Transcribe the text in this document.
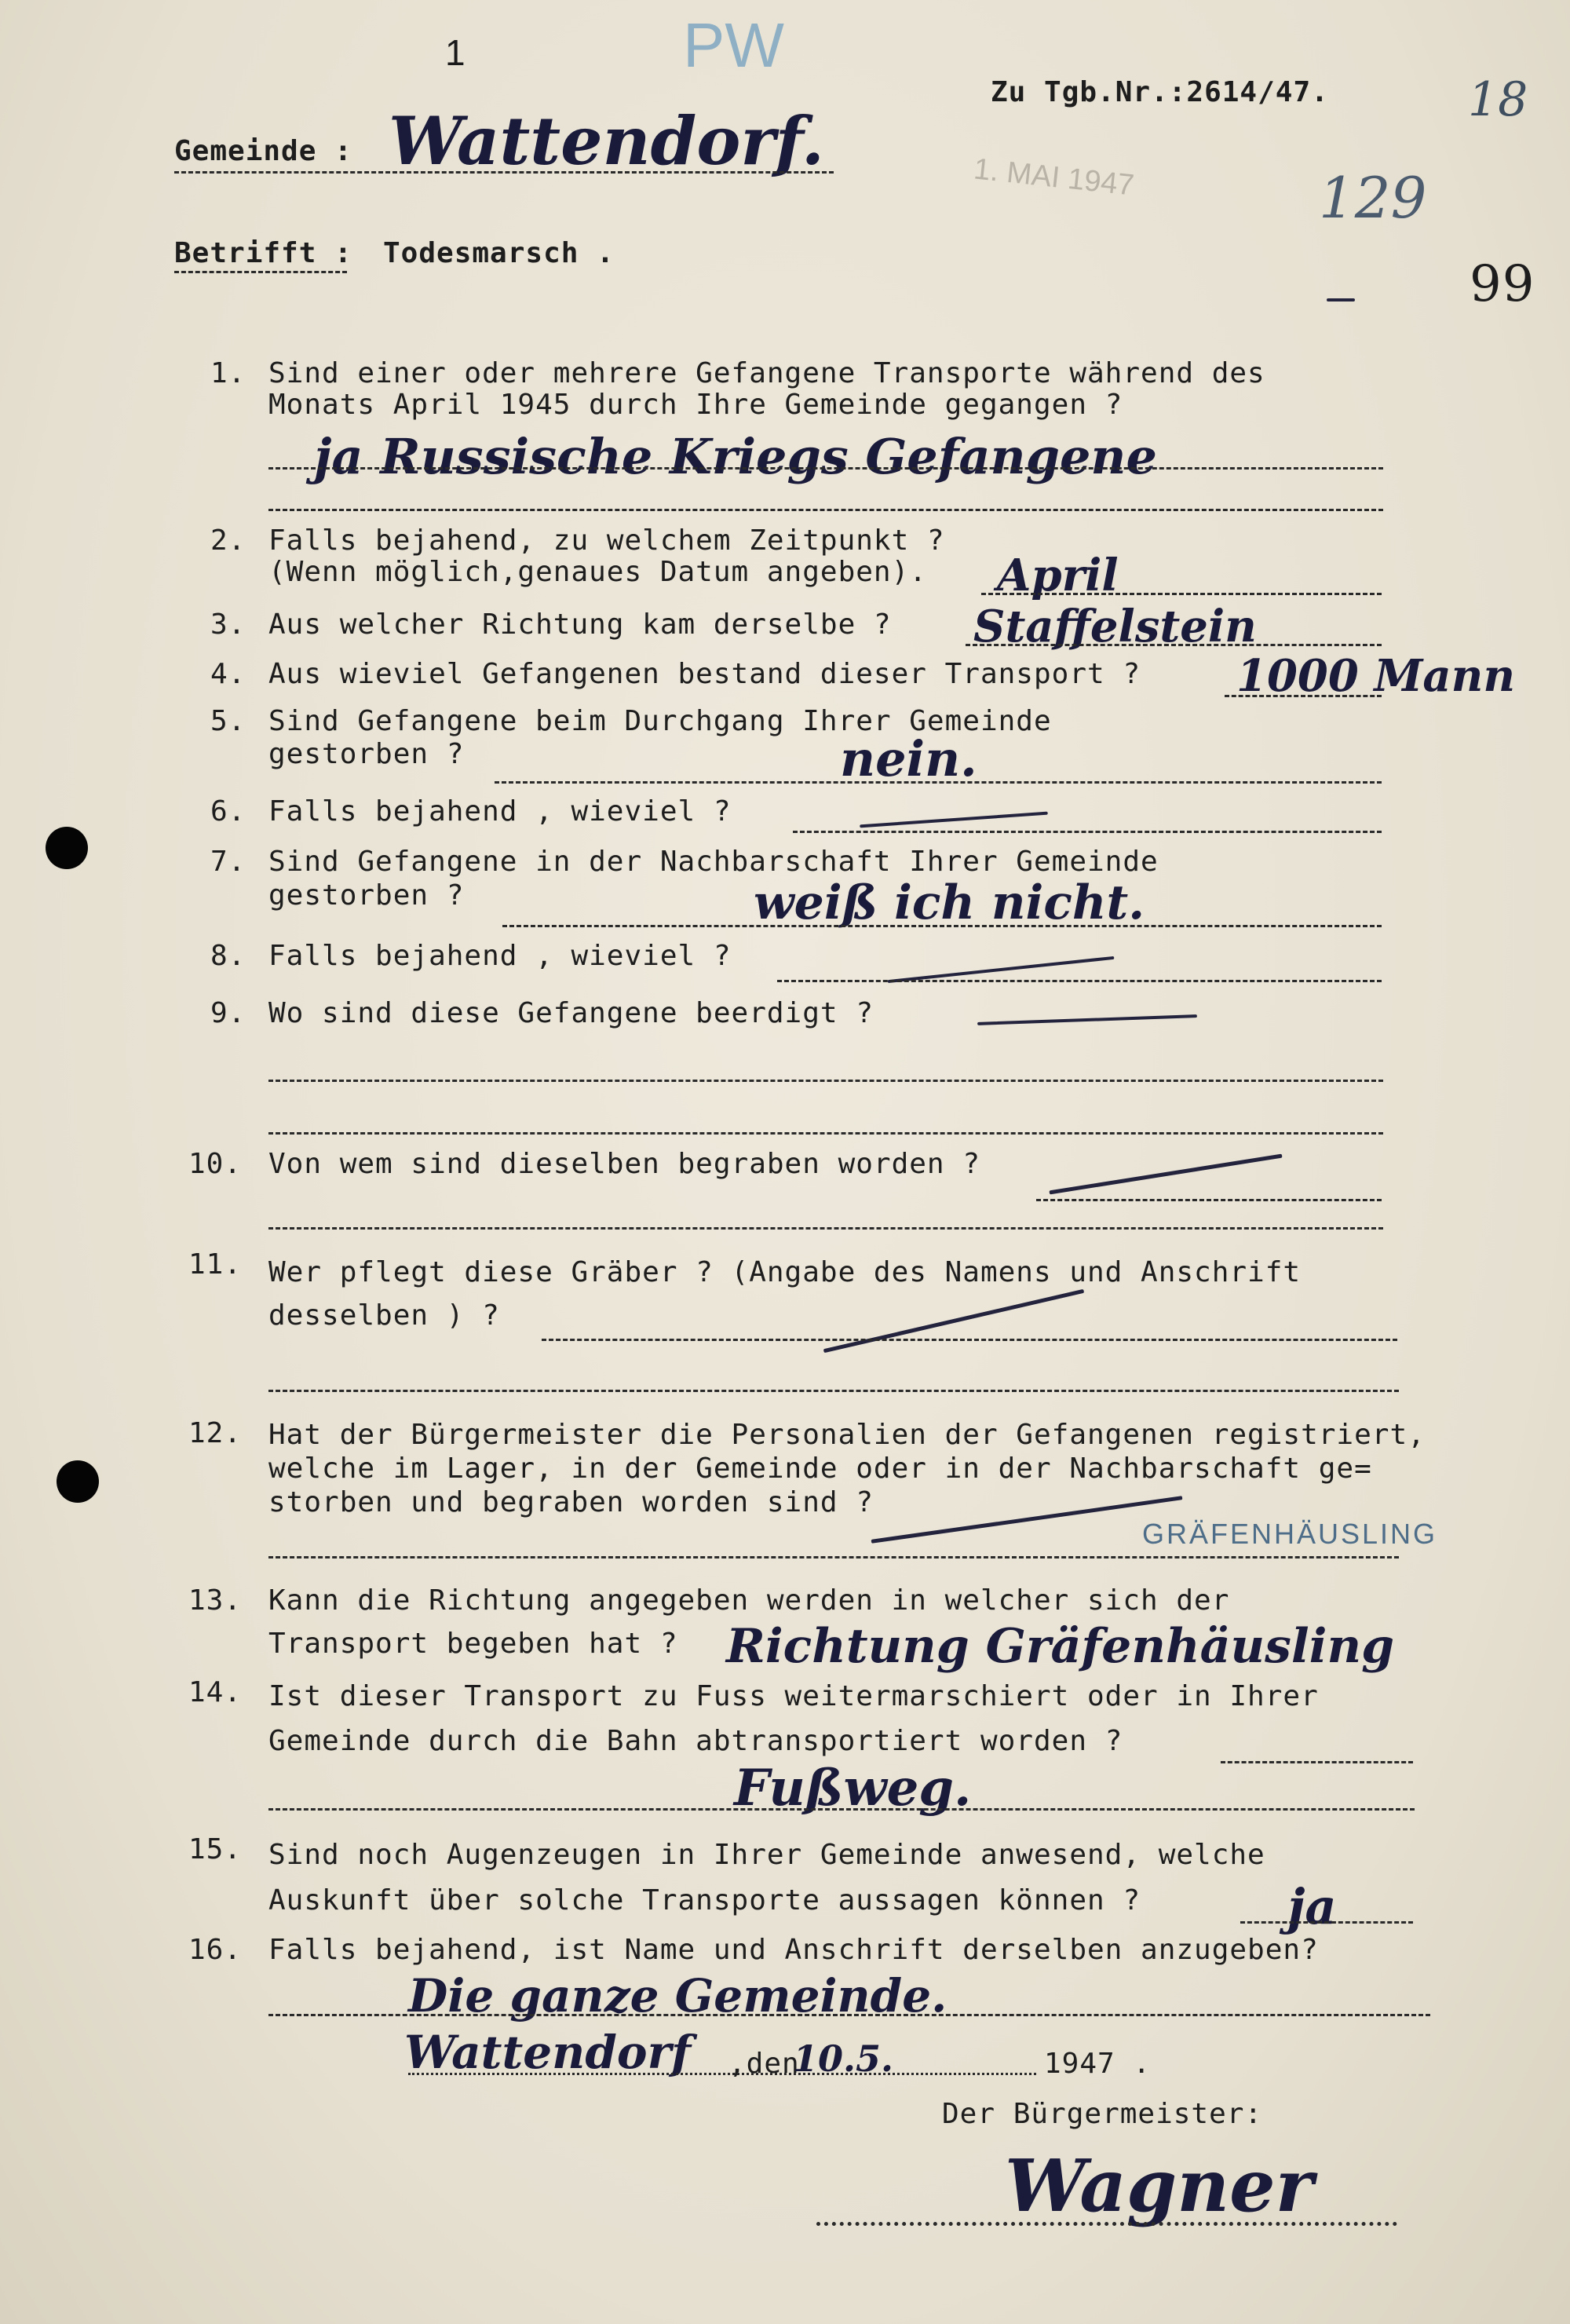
PW
1. MAI 1947
1
Zu Tgb.Nr.:2614/47.	18
129
99
Gemeinde : Wattendorf.
Betrifft : Todesmarsch .
1. Sind einer oder mehrere Gefangene Transporte während des
Monats April 1945 durch Ihre Gemeinde gegangen ?
ja Russische Kriegs Gefangene
2. Falls bejahend, zu welchem Zeitpunkt ?
(Wenn möglich,genaues Datum angeben). April
3. Aus welcher Richtung kam derselbe ? Staffelstein
4. Aus wieviel Gefangenen bestand dieser Transport ? 1000 Mann
5. Sind Gefangene beim Durchgang Ihrer Gemeinde
gestorben ?	nein.
6. Falls bejahend , wieviel ?
7. Sind Gefangene in der Nachbarschaft Ihrer Gemeinde
gestorben ?	weiß ich nicht.
8. Falls bejahend , wieviel ?
9. Wo sind diese Gefangene beerdigt ?
10. Von wem sind dieselben begraben worden ?
11. Wer pflegt diese Gräber ? (Angabe des Namens und Anschrift
desselben ) ?
12. Hat der Bürgermeister die Personalien der Gefangenen registriert,
welche im Lager, in der Gemeinde oder in der Nachbarschaft ge=
storben und begraben worden sind ?
GRÄFENHÄUSLING
13. Kann die Richtung angegeben werden in welcher sich der
Transport begeben hat ? Richtung Gräfenhäusling
14. Ist dieser Transport zu Fuss weitermarschiert oder in Ihrer
Gemeinde durch die Bahn abtransportiert worden ?
Fußweg.
15. Sind noch Augenzeugen in Ihrer Gemeinde anwesend, welche
Auskunft über solche Transporte aussagen können ?	ja
16. Falls bejahend, ist Name und Anschrift derselben anzugeben?
Die ganze Gemeinde.
Wattendorf ,den
10.5.	1947 .
Der Bürgermeister:
Wagner
